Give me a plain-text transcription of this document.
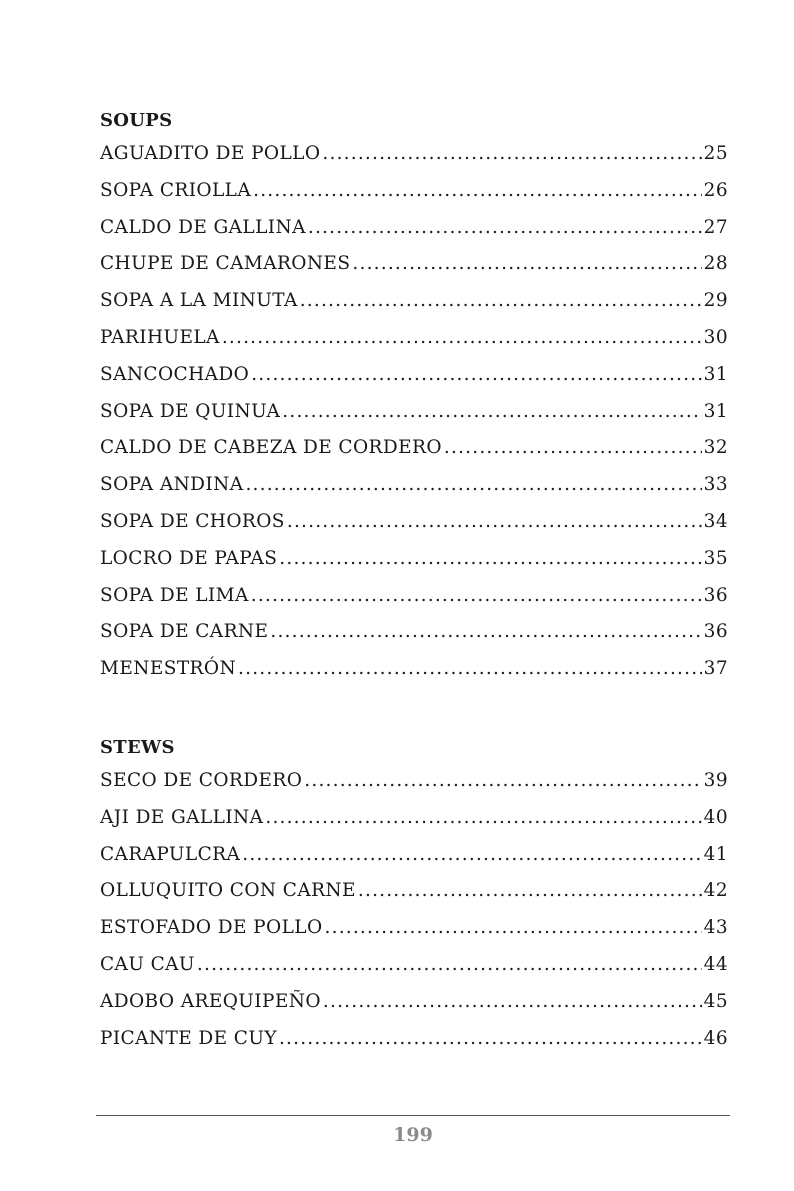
SOUPS
AGUADITO DE POLLO .....	25
SOPA CRIOLLA .....	26
CALDO DE GALLINA .....	27
CHUPE DE CAMARONES .....	28
SOPA A LA MINUTA .....	29
PARIHUELA .....	30
SANCOCHADO .....	31
SOPA DE QUINUA .....	31
CALDO DE CABEZA DE CORDERO .....	32
SOPA ANDINA .....	33
SOPA DE CHOROS .....	34
LOCRO DE PAPAS .....	35
SOPA DE LIMA .....	36
SOPA DE CARNE .....	36
MENESTRÓN .....	37
STEWS
SECO DE CORDERO .....	39
AJI DE GALLINA .....	40
CARAPULCRA .....	41
OLLUQUITO CON CARNE .....	42
ESTOFADO DE POLLO .....	43
CAU CAU .....	44
ADOBO AREQUIPEÑO .....	45
PICANTE DE CUY .....	46
199
